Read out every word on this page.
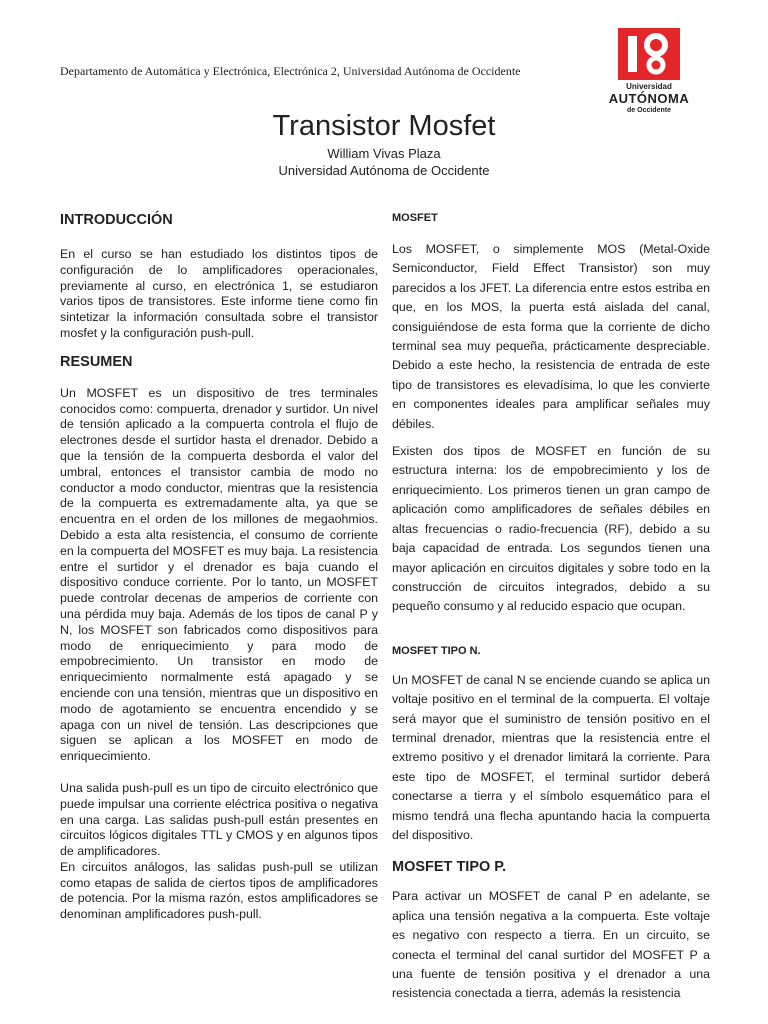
Departamento de Automática y Electrónica, Electrónica 2, Universidad Autónoma de Occidente
Universidad
AUTÓNOMA
de Occidente
Transistor Mosfet
William Vivas Plaza
Universidad Autónoma de Occidente
INTRODUCCIÓN

En el curso se han estudiado los distintos tipos de configuración de lo amplificadores operacionales, previamente al curso, en electrónica 1, se estudiaron varios tipos de transistores. Este informe tiene como fin sintetizar la información consultada sobre el transistor mosfet y la configuración push-pull.

RESUMEN

Un MOSFET es un dispositivo de tres terminales conocidos como: compuerta, drenador y surtidor. Un nivel de tensión aplicado a la compuerta controla el flujo de electrones desde el surtidor hasta el drenador. Debido a que la tensión de la compuerta desborda el valor del umbral, entonces el transistor cambia de modo no conductor a modo conductor, mientras que la resistencia de la compuerta es extremadamente alta, ya que se encuentra en el orden de los millones de megaohmios. Debido a esta alta resistencia, el consumo de corriente en la compuerta del MOSFET es muy baja. La resistencia entre el surtidor y el drenador es baja cuando el dispositivo conduce corriente. Por lo tanto, un MOSFET puede controlar decenas de amperios de corriente con una pérdida muy baja. Además de los tipos de canal P y N, los MOSFET son fabricados como dispositivos para modo de enriquecimiento y para modo de empobrecimiento. Un transistor en modo de enriquecimiento normalmente está apagado y se enciende con una tensión, mientras que un dispositivo en modo de agotamiento se encuentra encendido y se apaga con un nivel de tensión. Las descripciones que siguen se aplican a los MOSFET en modo de enriquecimiento.

Una salida push-pull es un tipo de circuito electrónico que puede impulsar una corriente eléctrica positiva o negativa en una carga. Las salidas push-pull están presentes en circuitos lógicos digitales TTL y CMOS y en algunos tipos de amplificadores.

En circuitos análogos, las salidas push-pull se utilizan como etapas de salida de ciertos tipos de amplificadores de potencia. Por la misma razón, estos amplificadores se denominan amplificadores push-pull.

MOSFET

Los MOSFET, o simplemente MOS (Metal-Oxide Semiconductor, Field Effect Transistor) son muy parecidos a los JFET. La diferencia entre estos estriba en que, en los MOS, la puerta está aislada del canal, consiguiéndose de esta forma que la corriente de dicho terminal sea muy pequeña, prácticamente despreciable. Debido a este hecho, la resistencia de entrada de este tipo de transistores es elevadísima, lo que les convierte en componentes ideales para amplificar señales muy débiles.

Existen dos tipos de MOSFET en función de su estructura interna: los de empobrecimiento y los de enriquecimiento. Los primeros tienen un gran campo de aplicación como amplificadores de señales débiles en altas frecuencias o radio-frecuencia (RF), debido a su baja capacidad de entrada. Los segundos tienen una mayor aplicación en circuitos digitales y sobre todo en la construcción de circuitos integrados, debido a su pequeño consumo y al reducido espacio que ocupan.

MOSFET TIPO N.

Un MOSFET de canal N se enciende cuando se aplica un voltaje positivo en el terminal de la compuerta. El voltaje será mayor que el suministro de tensión positivo en el terminal drenador, mientras que la resistencia entre el extremo positivo y el drenador limitará la corriente. Para este tipo de MOSFET, el terminal surtidor deberá conectarse a tierra y el símbolo esquemático para el mismo tendrá una flecha apuntando hacia la compuerta del dispositivo.

MOSFET TIPO P.

Para activar un MOSFET de canal P en adelante, se aplica una tensión negativa a la compuerta. Este voltaje es negativo con respecto a tierra. En un circuito, se conecta el terminal del canal surtidor del MOSFET P a una fuente de tensión positiva y el drenador a una resistencia conectada a tierra, además la resistencia
